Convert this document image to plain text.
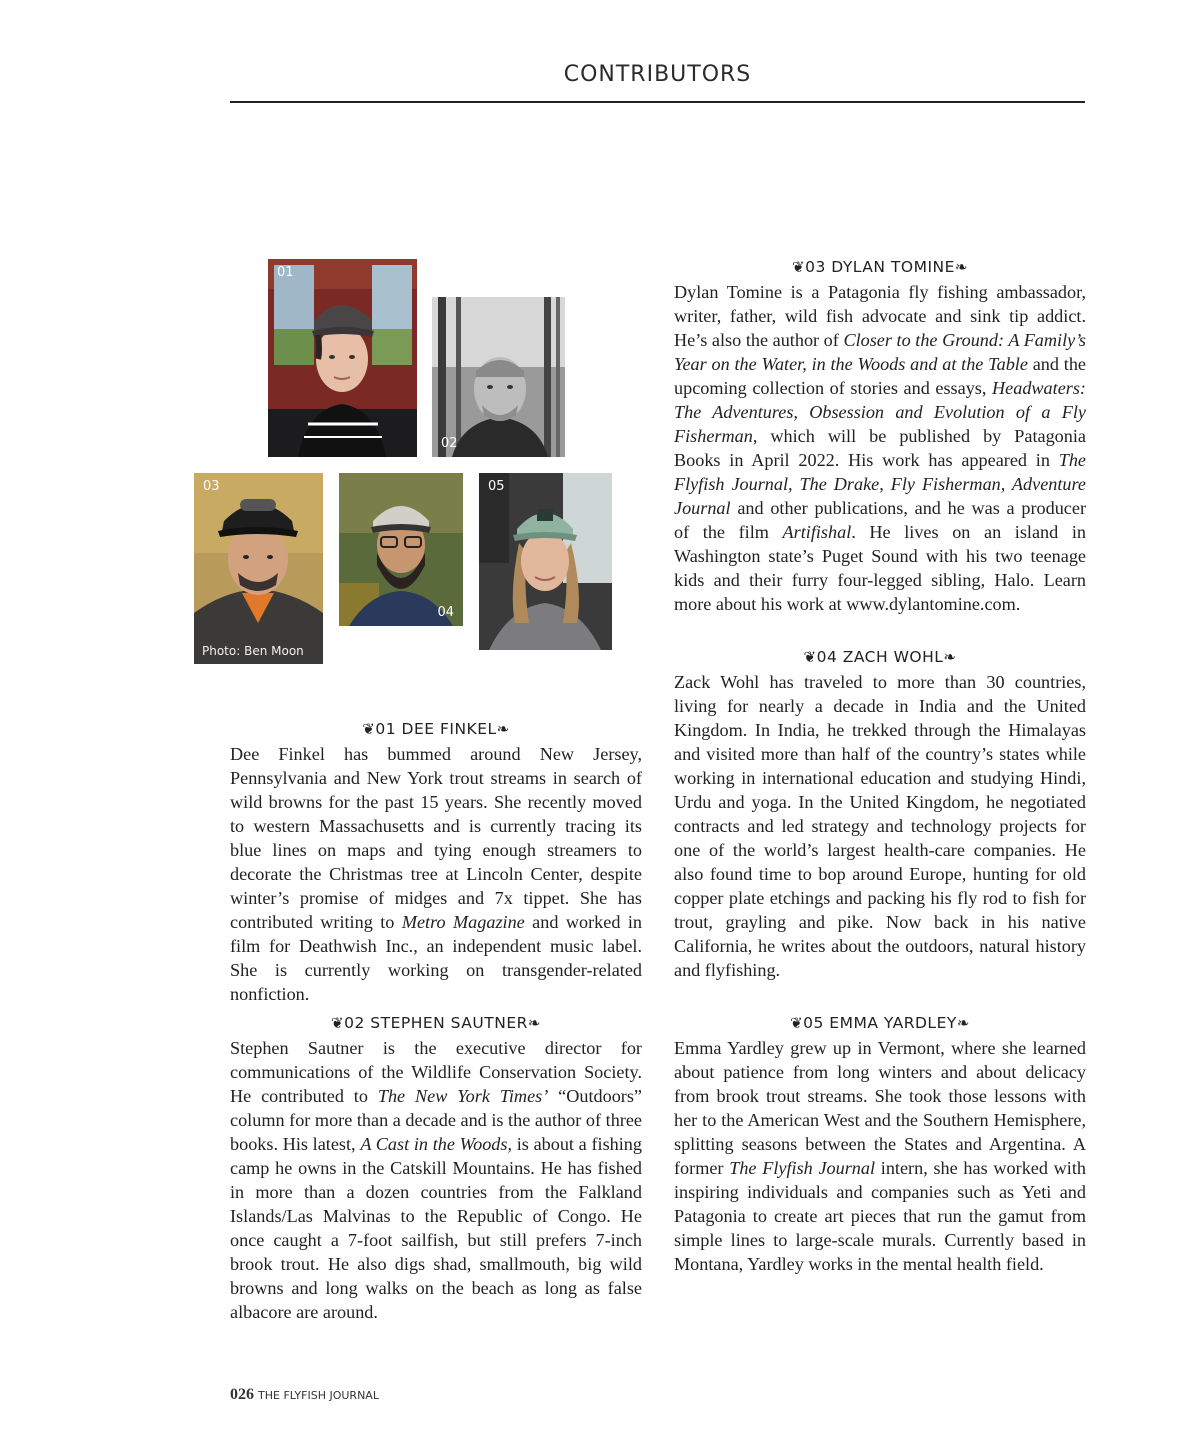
CONTRIBUTORS
01
02
03
Photo: Ben Moon
04
05
❦01 DEE FINKEL❧

Dee Finkel has bummed around New Jersey, Pennsylvania and New York trout streams in search of wild browns for the past 15 years. She recently moved to western Massachusetts and is currently tracing its blue lines on maps and tying enough streamers to decorate the Christmas tree at Lincoln Center, despite winter’s promise of midges and 7x tippet. She has contributed writing to Metro Magazine and worked in film for Deathwish Inc., an independent music label. She is currently working on transgender-related nonfiction.

❦02 STEPHEN SAUTNER❧

Stephen Sautner is the executive director for communications of the Wildlife Conservation Society. He contributed to The New York Times’ “Outdoors” column for more than a decade and is the author of three books. His latest, A Cast in the Woods, is about a fishing camp he owns in the Catskill Mountains. He has fished in more than a dozen countries from the Falkland Islands/Las Malvinas to the Republic of Congo. He once caught a 7-foot sailfish, but still prefers 7-inch brook trout. He also digs shad, smallmouth, big wild browns and long walks on the beach as long as false albacore are around.

❦03 DYLAN TOMINE❧

Dylan Tomine is a Patagonia fly fishing ambassador, writer, father, wild fish advocate and sink tip addict. He’s also the author of Closer to the Ground: A Family’s Year on the Water, in the Woods and at the Table and the upcoming collection of stories and essays, Headwaters: The Adventures, Obsession and Evolution of a Fly Fisherman, which will be published by Patagonia Books in April 2022. His work has appeared in The Flyfish Journal, The Drake, Fly Fisherman, Adventure Journal and other publications, and he was a producer of the film Artifishal. He lives on an island in Washington state’s Puget Sound with his two teenage kids and their furry four-legged sibling, Halo. Learn more about his work at www.dylantomine.com.

❦04 ZACH WOHL❧

Zack Wohl has traveled to more than 30 countries, living for nearly a decade in India and the United Kingdom. In India, he trekked through the Himalayas and visited more than half of the country’s states while working in international education and studying Hindi, Urdu and yoga. In the United Kingdom, he negotiated contracts and led strategy and technology projects for one of the world’s largest health-care companies. He also found time to bop around Europe, hunting for old copper plate etchings and packing his fly rod to fish for trout, grayling and pike. Now back in his native California, he writes about the outdoors, natural history and flyfishing.

❦05 EMMA YARDLEY❧

Emma Yardley grew up in Vermont, where she learned about patience from long winters and about delicacy from brook trout streams. She took those lessons with her to the American West and the Southern Hemisphere, splitting seasons between the States and Argentina. A former The Flyfish Journal intern, she has worked with inspiring individuals and companies such as Yeti and Patagonia to create art pieces that run the gamut from simple lines to large-scale murals. Currently based in Montana, Yardley works in the mental health field.

026 THE FLYFISH JOURNAL
